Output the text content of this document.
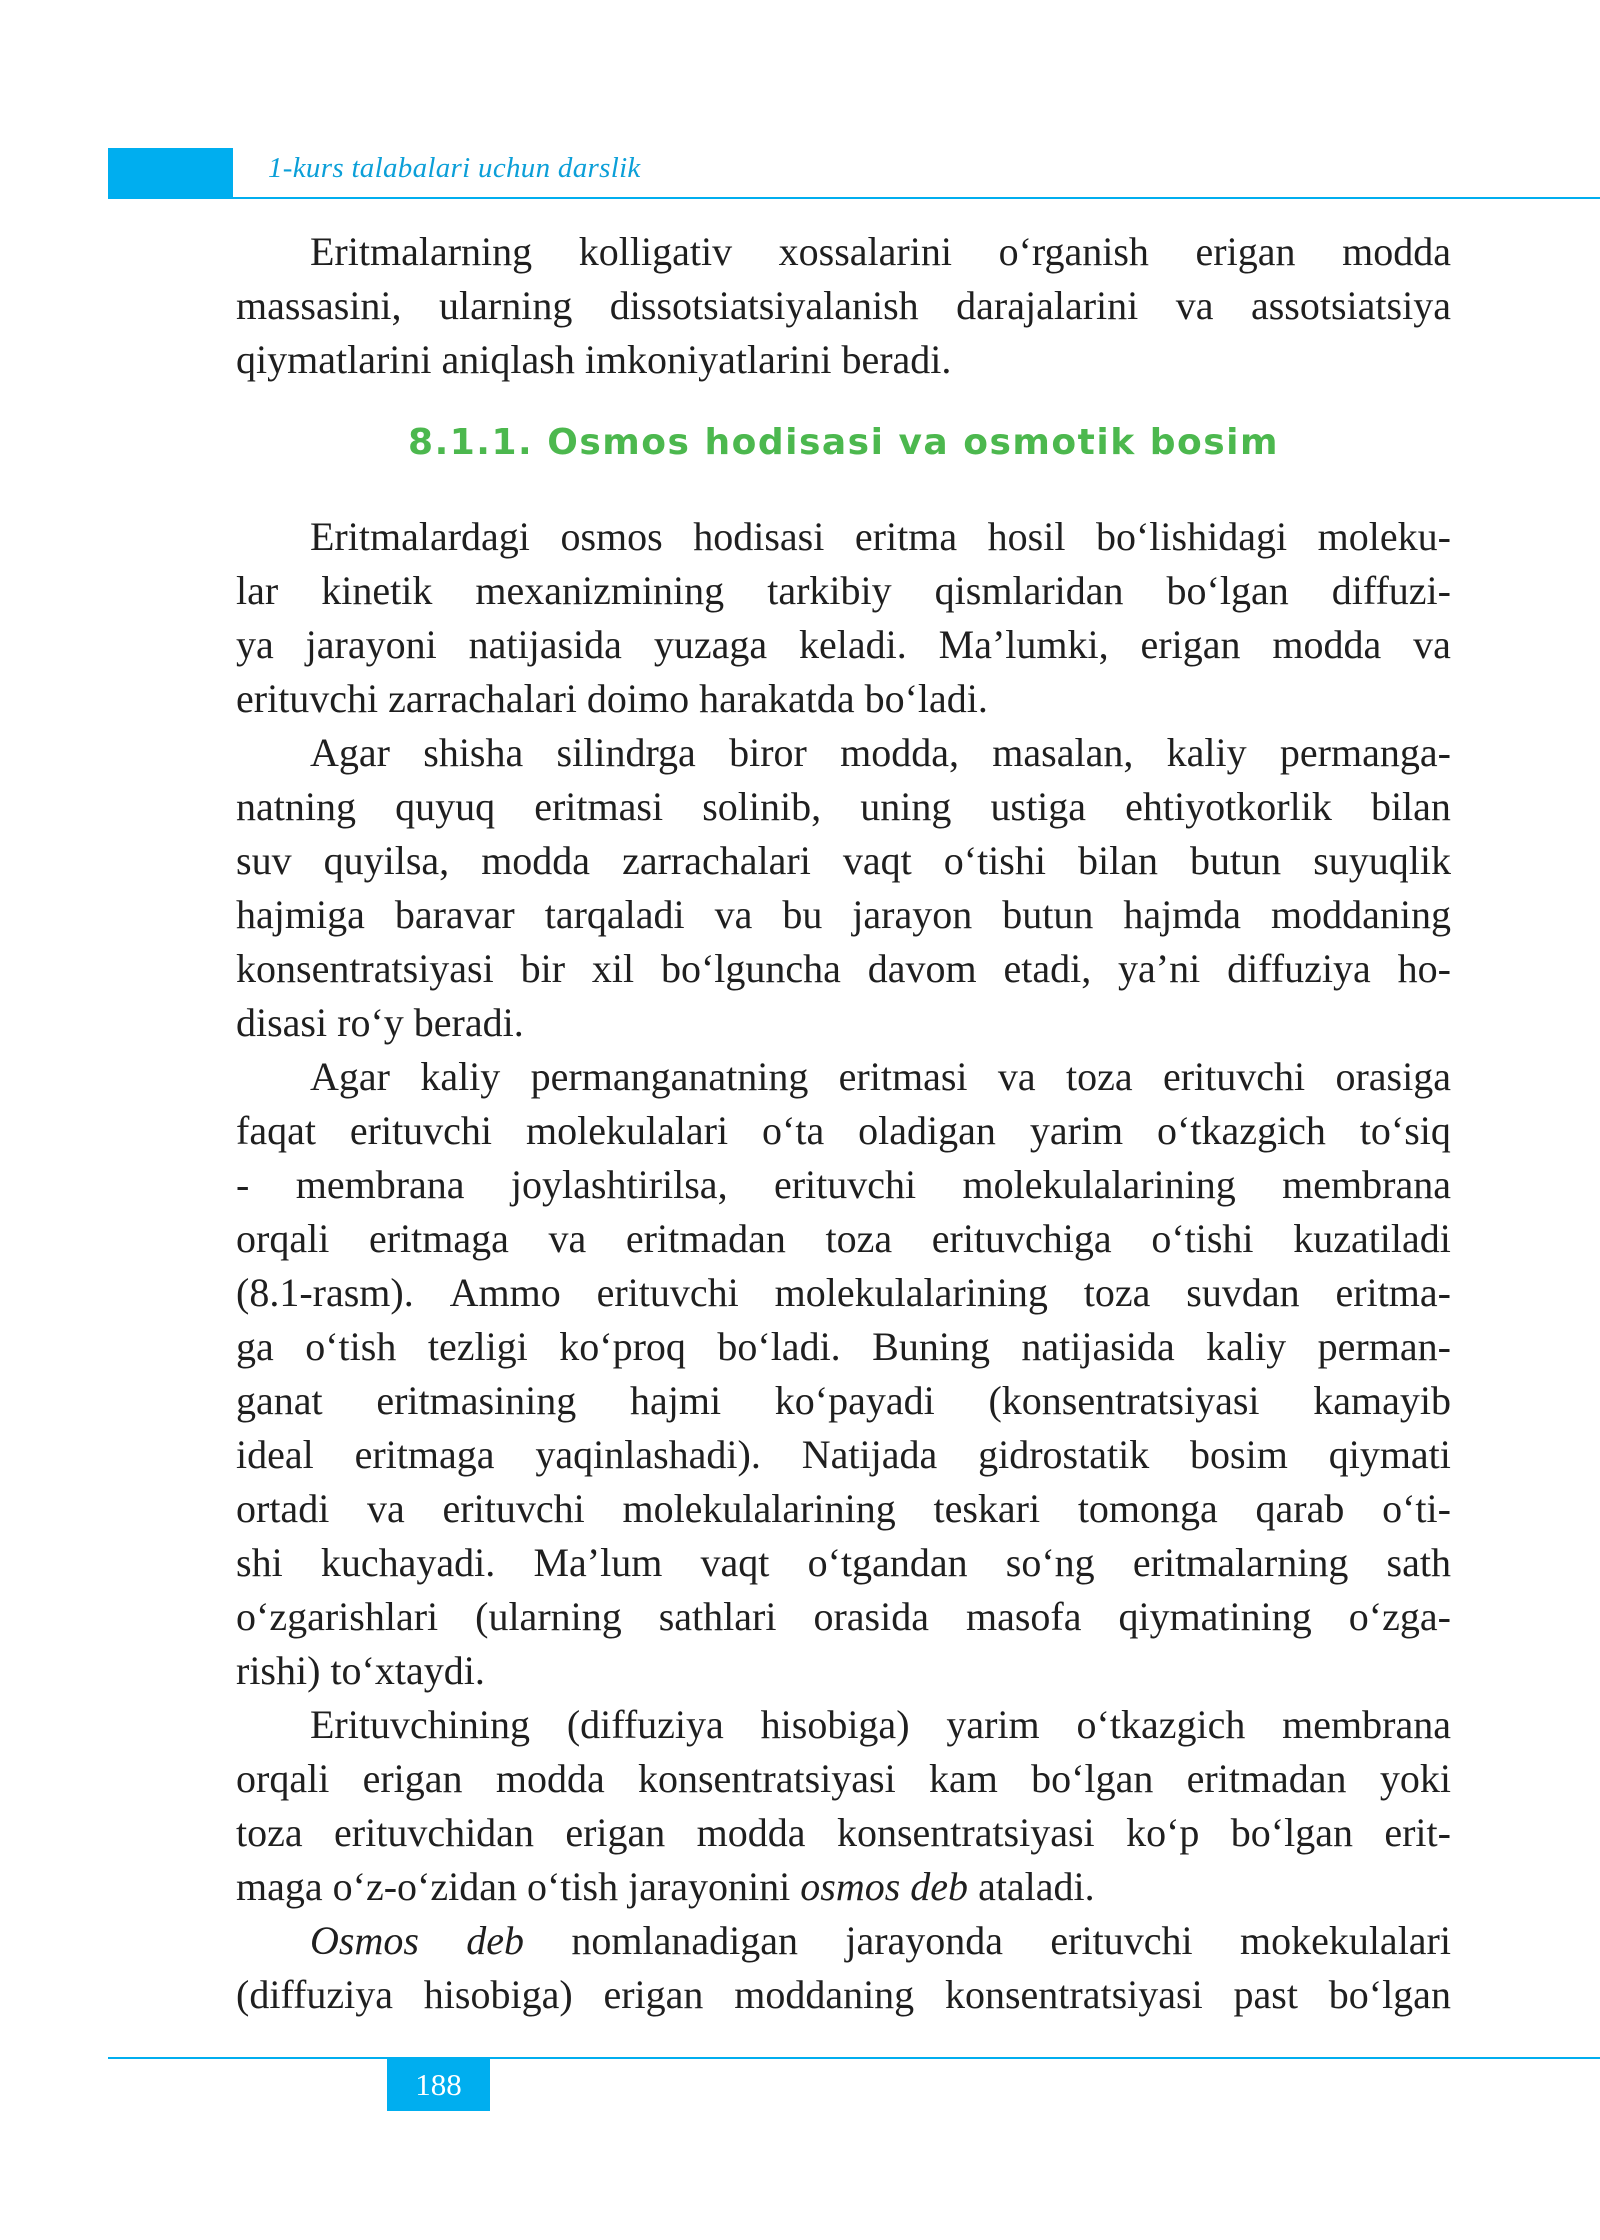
1-kurs talabalari uchun darslik
Eritmalarning kolligativ xossalarini o‘rganish erigan modda
massasini, ularning dissotsiatsiyalanish darajalarini va assotsiatsiya
qiymatlarini aniqlash imkoniyatlarini beradi.
8.1.1. Osmos hodisasi va osmotik bosim
Eritmalardagi osmos hodisasi eritma hosil bo‘lishidagi moleku-
lar kinetik mexanizmining tarkibiy qismlaridan bo‘lgan diffuzi-
ya jarayoni natijasida yuzaga keladi. Ma’lumki, erigan modda va
erituvchi zarrachalari doimo harakatda bo‘ladi.
Agar shisha silindrga biror modda, masalan, kaliy permanga-
natning quyuq eritmasi solinib, uning ustiga ehtiyotkorlik bilan
suv quyilsa, modda zarrachalari vaqt o‘tishi bilan butun suyuqlik
hajmiga baravar tarqaladi va bu jarayon butun hajmda moddaning
konsentratsiyasi bir xil bo‘lguncha davom etadi, ya’ni diffuziya ho-
disasi ro‘y beradi.
Agar kaliy permanganatning eritmasi va toza erituvchi orasiga
faqat erituvchi molekulalari o‘ta oladigan yarim o‘tkazgich to‘siq
- membrana joylashtirilsa, erituvchi molekulalarining membrana
orqali eritmaga va eritmadan toza erituvchiga o‘tishi kuzatiladi
(8.1-rasm). Ammo erituvchi molekulalarining toza suvdan eritma-
ga o‘tish tezligi ko‘proq bo‘ladi. Buning natijasida kaliy perman-
ganat eritmasining hajmi ko‘payadi (konsentratsiyasi kamayib
ideal eritmaga yaqinlashadi). Natijada gidrostatik bosim qiymati
ortadi va erituvchi molekulalarining teskari tomonga qarab o‘ti-
shi kuchayadi. Ma’lum vaqt o‘tgandan so‘ng eritmalarning sath
o‘zgarishlari (ularning sathlari orasida masofa qiymatining o‘zga-
rishi) to‘xtaydi.
Erituvchining (diffuziya hisobiga) yarim o‘tkazgich membrana
orqali erigan modda konsentratsiyasi kam bo‘lgan eritmadan yoki
toza erituvchidan erigan modda konsentratsiyasi ko‘p bo‘lgan erit-
maga o‘z-o‘zidan o‘tish jarayonini osmos deb ataladi.
Osmos deb nomlanadigan jarayonda erituvchi mokekulalari
(diffuziya hisobiga) erigan moddaning konsentratsiyasi past bo‘lgan
188
